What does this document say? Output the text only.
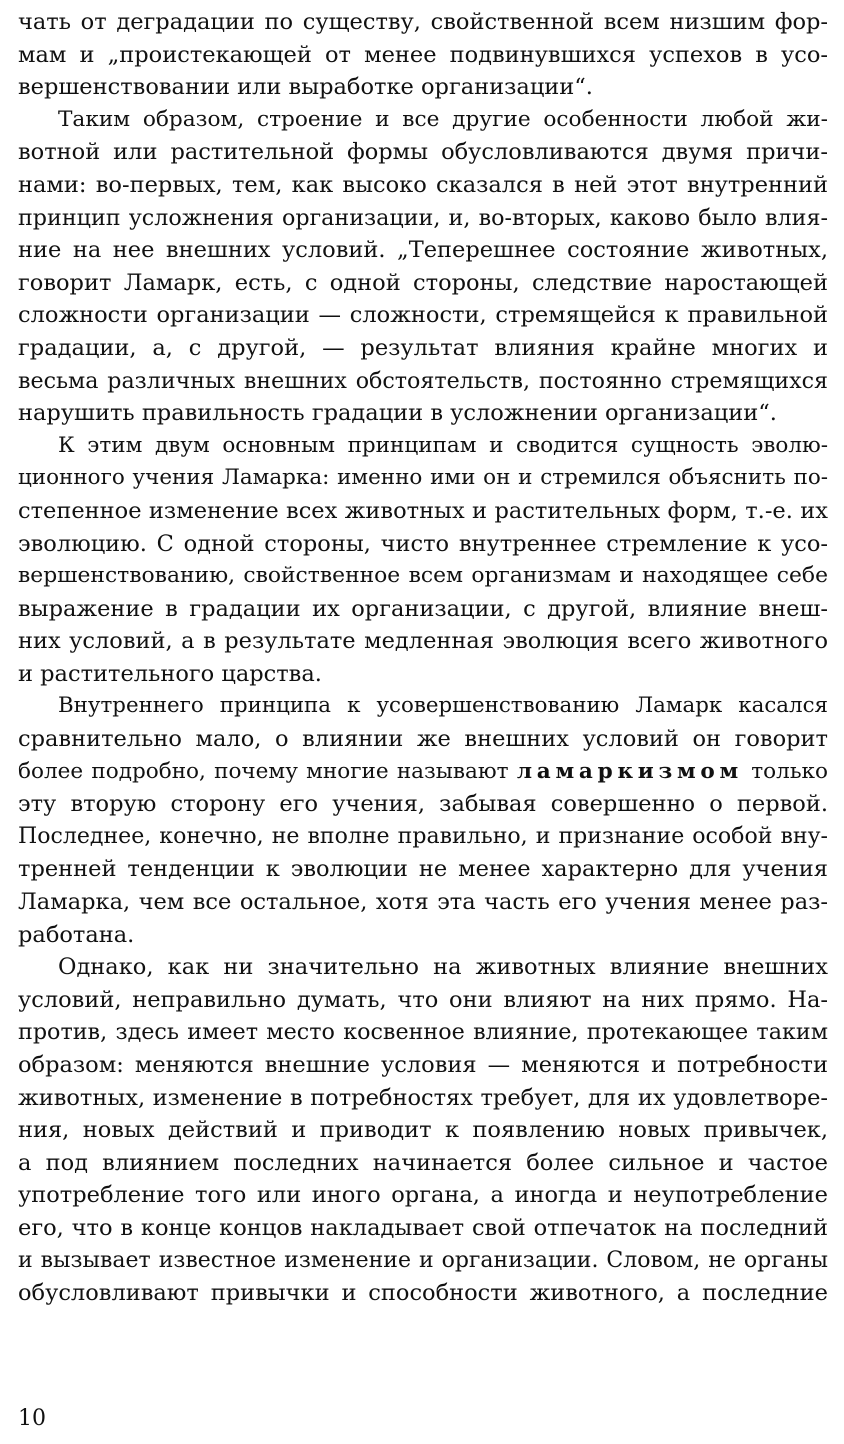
чать от деградации по существу, свойственной всем низшим фор-
мам и „проистекающей от менее подвинувшихся успехов в усо-
вершенствовании или выработке организации“.

Таким образом, строение и все другие особенности любой жи-
вотной или растительной формы обусловливаются двумя причи-
нами: во-первых, тем, как высоко сказался в ней этот внутренний
принцип усложнения организации, и, во-вторых, каково было влия-
ние на нее внешних условий. „Теперешнее состояние животных,
говорит Ламарк, есть, с одной стороны, следствие наростающей
сложности организации — сложности, стремящейся к правильной
градации, а, с другой, — результат влияния крайне многих и
весьма различных внешних обстоятельств, постоянно стремящихся
нарушить правильность градации в усложнении организации“.

К этим двум основным принципам и сводится сущность эволю-
ционного учения Ламарка: именно ими он и стремился объяснить по-
степенное изменение всех животных и растительных форм, т.-е. их
эволюцию. С одной стороны, чисто внутреннее стремление к усо-
вершенствованию, свойственное всем организмам и находящее себе
выражение в градации их организации, с другой, влияние внеш-
них условий, а в результате медленная эволюция всего животного
и растительного царства.

Внутреннего принципа к усовершенствованию Ламарк касался
сравнительно мало, о влиянии же внешних условий он говорит
более подробно, почему многие называют ламаркизмом только
эту вторую сторону его учения, забывая совершенно о первой.
Последнее, конечно, не вполне правильно, и признание особой вну-
тренней тенденции к эволюции не менее характерно для учения
Ламарка, чем все остальное, хотя эта часть его учения менее раз-
работана.

Однако, как ни значительно на животных влияние внешних
условий, неправильно думать, что они влияют на них прямо. На-
против, здесь имеет место косвенное влияние, протекающее таким
образом: меняются внешние условия — меняются и потребности
животных, изменение в потребностях требует, для их удовлетворе-
ния, новых действий и приводит к появлению новых привычек,
а под влиянием последних начинается более сильное и частое
употребление того или иного органа, а иногда и неупотребление
его, что в конце концов накладывает свой отпечаток на последний
и вызывает известное изменение и организации. Словом, не органы
обусловливают привычки и способности животного, а последние

10
